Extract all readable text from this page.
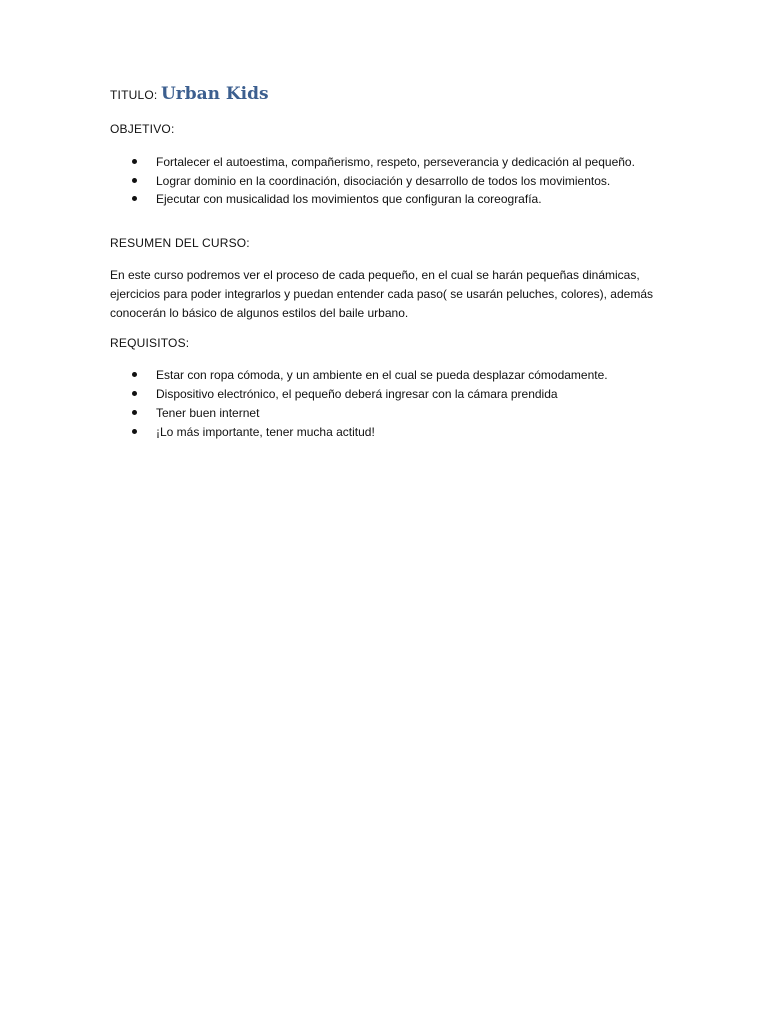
TITULO: Urban Kids
OBJETIVO:
Fortalecer el autoestima, compañerismo, respeto, perseverancia y dedicación al pequeño.
Lograr dominio en la coordinación, disociación y desarrollo de todos los movimientos.
Ejecutar con musicalidad los movimientos que configuran la coreografía.
RESUMEN DEL CURSO:

En este curso podremos ver el proceso de cada pequeño, en el cual se harán pequeñas dinámicas, ejercicios para poder integrarlos y puedan entender cada paso( se usarán peluches, colores), además conocerán lo básico de algunos estilos del baile urbano.

REQUISITOS:
Estar con ropa cómoda, y un ambiente en el cual se pueda desplazar cómodamente.
Dispositivo electrónico, el pequeño deberá ingresar con la cámara prendida
Tener buen internet
¡Lo más importante, tener mucha actitud!
